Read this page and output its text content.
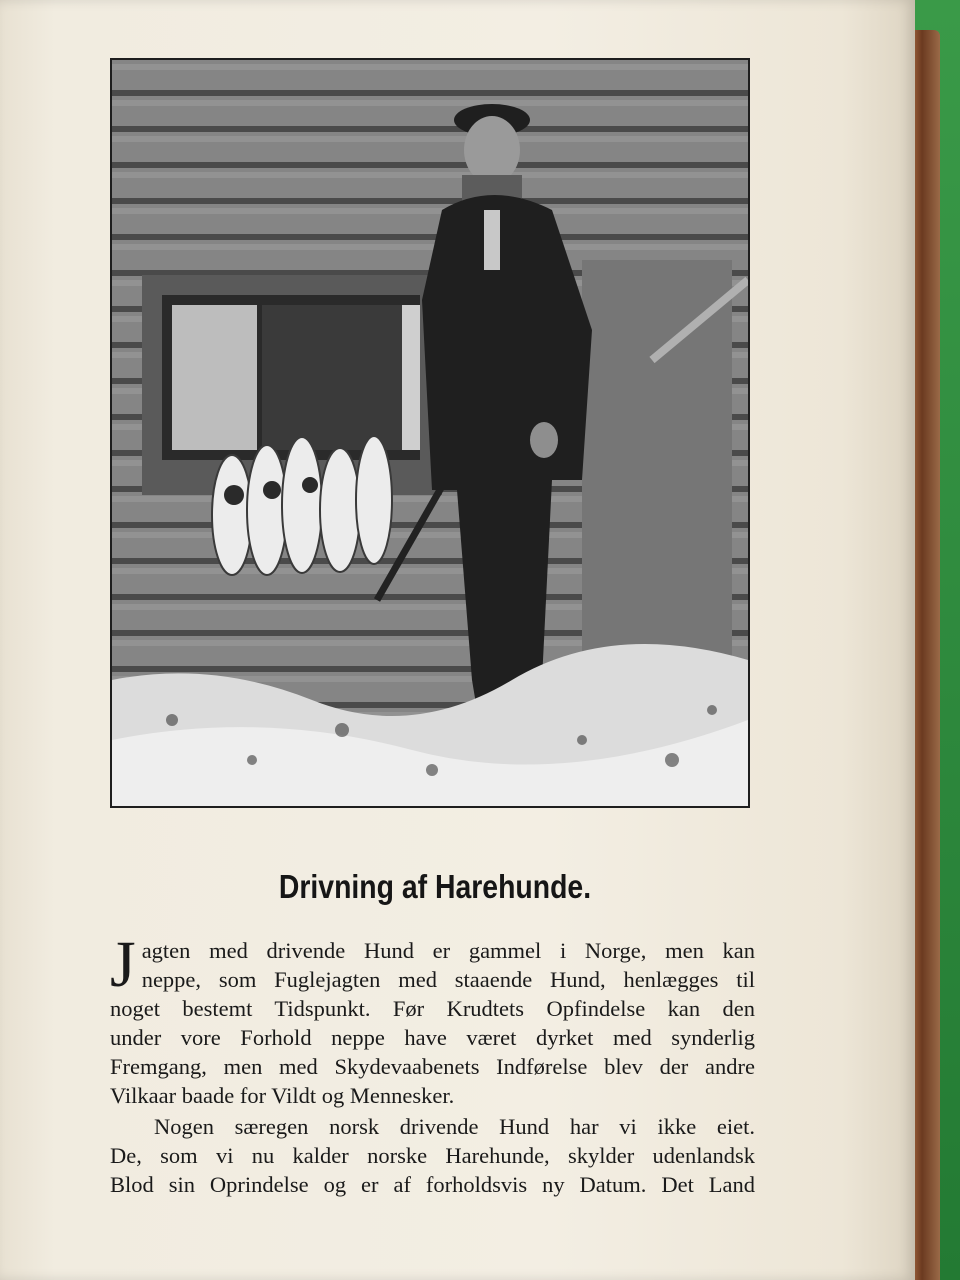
Drivning af Harehunde.
J agten med drivende Hund er gammel i Norge, men kan
neppe, som Fuglejagten med staaende Hund, henlægges til
noget bestemt Tidspunkt. Før Krudtets Opfindelse kan den
under vore Forhold neppe have været dyrket med synderlig
Fremgang, men med Skydevaabenets Indførelse blev der andre
Vilkaar baade for Vildt og Mennesker.
Nogen særegen norsk drivende Hund har vi ikke eiet.
De, som vi nu kalder norske Harehunde, skylder udenlandsk
Blod sin Oprindelse og er af forholdsvis ny Datum. Det Land
